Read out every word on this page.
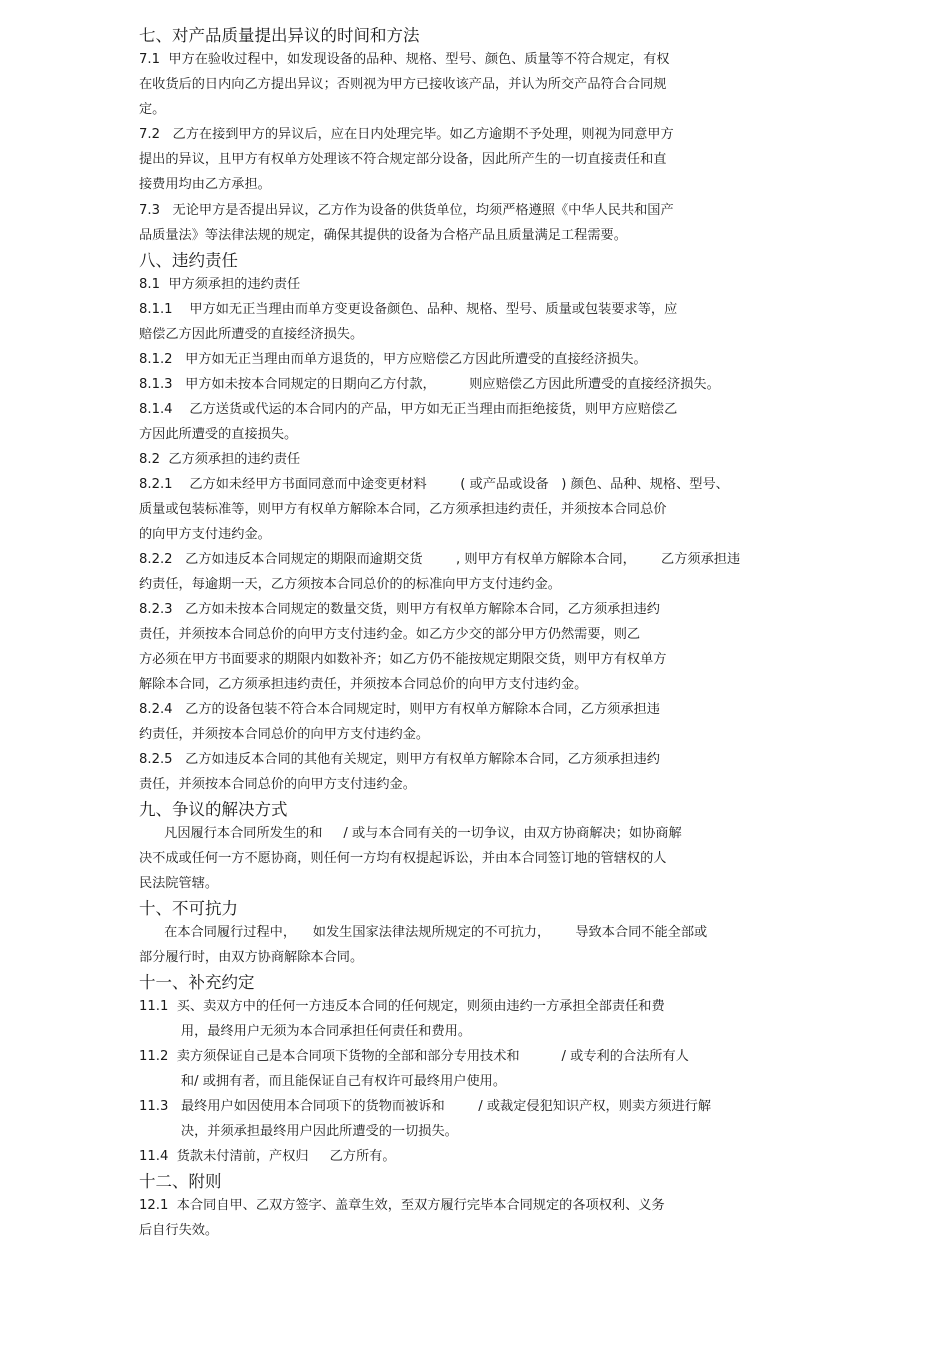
七、对产品质量提出异议的时间和方法
7.1  甲方在验收过程中，如发现设备的品种、规格、型号、颜色、质量等不符合规定，有权
在收货后的日内向乙方提出异议；否则视为甲方已接收该产品，并认为所交产品符合合同规
定。
7.2   乙方在接到甲方的异议后，应在日内处理完毕。如乙方逾期不予处理，则视为同意甲方
提出的异议，且甲方有权单方处理该不符合规定部分设备，因此所产生的一切直接责任和直
接费用均由乙方承担。
7.3   无论甲方是否提出异议，乙方作为设备的供货单位，均须严格遵照《中华人民共和国产
品质量法》等法律法规的规定，确保其提供的设备为合格产品且质量满足工程需要。
八、违约责任
8.1  甲方须承担的违约责任
8.1.1    甲方如无正当理由而单方变更设备颜色、品种、规格、型号、质量或包装要求等，应
赔偿乙方因此所遭受的直接经济损失。
8.1.2   甲方如无正当理由而单方退货的，甲方应赔偿乙方因此所遭受的直接经济损失。
8.1.3   甲方如未按本合同规定的日期向乙方付款，        则应赔偿乙方因此所遭受的直接经济损失。
8.1.4    乙方送货或代运的本合同内的产品，甲方如无正当理由而拒绝接货，则甲方应赔偿乙
方因此所遭受的直接损失。
8.2  乙方须承担的违约责任
8.2.1    乙方如未经甲方书面同意而中途变更材料        ( 或产品或设备   ) 颜色、品种、规格、型号、
质量或包装标准等，则甲方有权单方解除本合同，乙方须承担违约责任，并须按本合同总价
的向甲方支付违约金。
8.2.2   乙方如违反本合同规定的期限而逾期交货        , 则甲方有权单方解除本合同，      乙方须承担违
约责任，每逾期一天，乙方须按本合同总价的的标准向甲方支付违约金。
8.2.3   乙方如未按本合同规定的数量交货，则甲方有权单方解除本合同，乙方须承担违约
责任，并须按本合同总价的向甲方支付违约金。如乙方少交的部分甲方仍然需要，则乙
方必须在甲方书面要求的期限内如数补齐；如乙方仍不能按规定期限交货，则甲方有权单方
解除本合同，乙方须承担违约责任，并须按本合同总价的向甲方支付违约金。
8.2.4   乙方的设备包装不符合本合同规定时，则甲方有权单方解除本合同，乙方须承担违
约责任，并须按本合同总价的向甲方支付违约金。
8.2.5   乙方如违反本合同的其他有关规定，则甲方有权单方解除本合同，乙方须承担违约
责任，并须按本合同总价的向甲方支付违约金。
九、争议的解决方式
凡因履行本合同所发生的和     / 或与本合同有关的一切争议，由双方协商解决；如协商解
决不成或任何一方不愿协商，则任何一方均有权提起诉讼，并由本合同签订地的管辖权的人
民法院管辖。
十、不可抗力
在本合同履行过程中，    如发生国家法律法规所规定的不可抗力，      导致本合同不能全部或
部分履行时，由双方协商解除本合同。
十一、补充约定
11.1  买、卖双方中的任何一方违反本合同的任何规定，则须由违约一方承担全部责任和费
用，最终用户无须为本合同承担任何责任和费用。
11.2  卖方须保证自己是本合同项下货物的全部和部分专用技术和          / 或专利的合法所有人
和/ 或拥有者，而且能保证自己有权许可最终用户使用。
11.3   最终用户如因使用本合同项下的货物而被诉和        / 或裁定侵犯知识产权，则卖方须进行解
决，并须承担最终用户因此所遭受的一切损失。
11.4  货款未付清前，产权归     乙方所有。
十二、附则
12.1  本合同自甲、乙双方签字、盖章生效，至双方履行完毕本合同规定的各项权利、义务
后自行失效。
